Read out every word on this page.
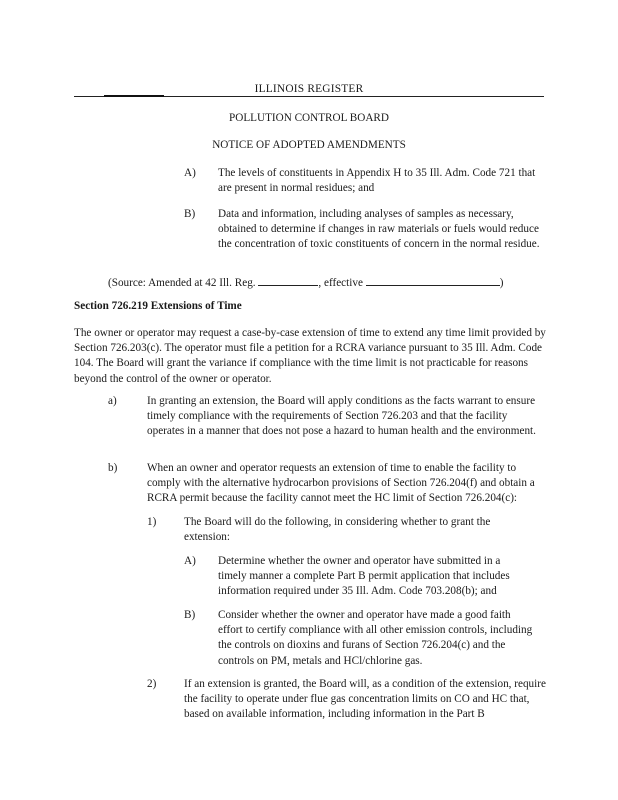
ILLINOIS REGISTER
POLLUTION CONTROL BOARD
NOTICE OF ADOPTED AMENDMENTS
A)	The levels of constituents in Appendix H to 35 Ill. Adm. Code 721 that are present in normal residues; and
B)	Data and information, including analyses of samples as necessary, obtained to determine if changes in raw materials or fuels would reduce the concentration of toxic constituents of concern in the normal residue.
(Source: Amended at 42 Ill. Reg.	, effective	)
Section 726.219 Extensions of Time
The owner or operator may request a case-by-case extension of time to extend any time limit provided by Section 726.203(c). The operator must file a petition for a RCRA variance pursuant to 35 Ill. Adm. Code 104. The Board will grant the variance if compliance with the time limit is not practicable for reasons beyond the control of the owner or operator.
a)	In granting an extension, the Board will apply conditions as the facts warrant to ensure timely compliance with the requirements of Section 726.203 and that the facility operates in a manner that does not pose a hazard to human health and the environment.
b)	When an owner and operator requests an extension of time to enable the facility to comply with the alternative hydrocarbon provisions of Section 726.204(f) and obtain a RCRA permit because the facility cannot meet the HC limit of Section 726.204(c):
1)	The Board will do the following, in considering whether to grant the extension:
A)	Determine whether the owner and operator have submitted in a timely manner a complete Part B permit application that includes information required under 35 Ill. Adm. Code 703.208(b); and
B)	Consider whether the owner and operator have made a good faith effort to certify compliance with all other emission controls, including the controls on dioxins and furans of Section 726.204(c) and the controls on PM, metals and HCl/chlorine gas.
2)	If an extension is granted, the Board will, as a condition of the extension, require the facility to operate under flue gas concentration limits on CO and HC that, based on available information, including information in the Part B
